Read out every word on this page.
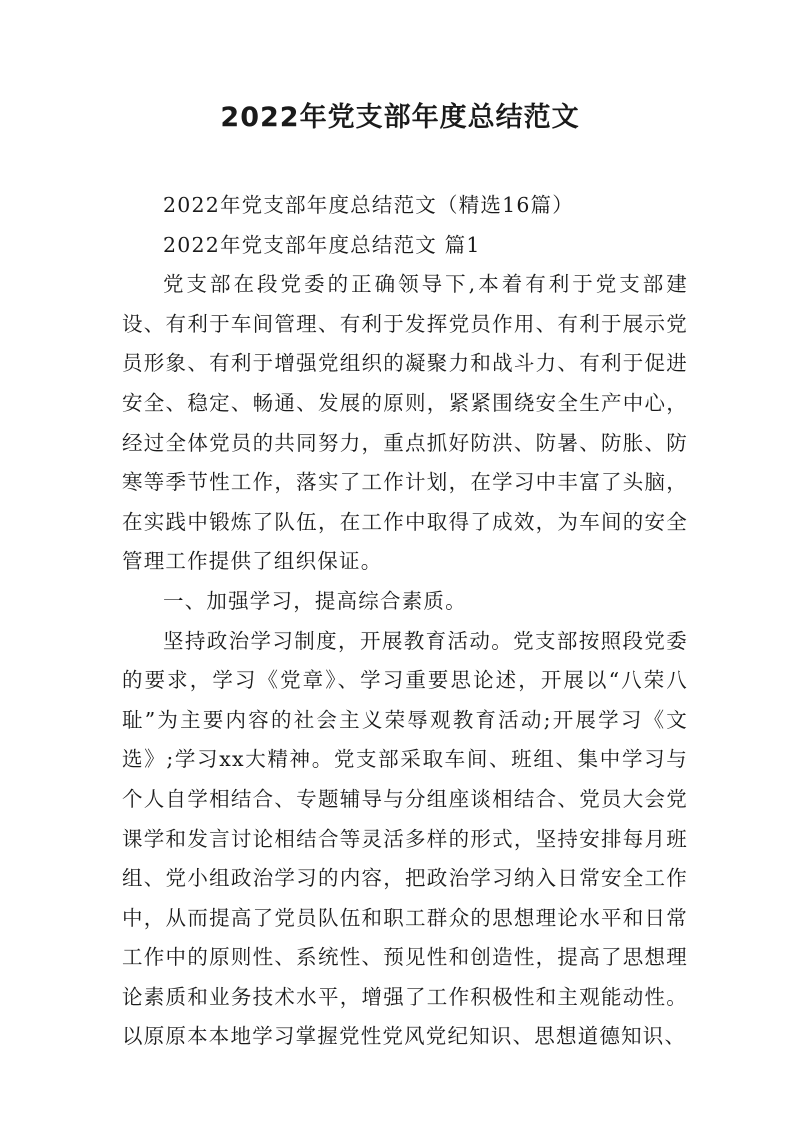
2022年党支部年度总结范文

2022年党支部年度总结范文（精选16篇）

2022年党支部年度总结范文 篇1

党支部在段党委的正确领导下,本着有利于党支部建设、有利于车间管理、有利于发挥党员作用、有利于展示党员形象、有利于增强党组织的凝聚力和战斗力、有利于促进安全、稳定、畅通、发展的原则，紧紧围绕安全生产中心，经过全体党员的共同努力，重点抓好防洪、防暑、防胀、防寒等季节性工作，落实了工作计划，在学习中丰富了头脑，在实践中锻炼了队伍，在工作中取得了成效，为车间的安全管理工作提供了组织保证。

一、加强学习，提高综合素质。

坚持政治学习制度，开展教育活动。党支部按照段党委的要求，学习《党章》、学习重要思论述，开展以“八荣八耻”为主要内容的社会主义荣辱观教育活动;开展学习《文选》;学习xx大精神。党支部采取车间、班组、集中学习与个人自学相结合、专题辅导与分组座谈相结合、党员大会党课学和发言讨论相结合等灵活多样的形式，坚持安排每月班组、党小组政治学习的内容，把政治学习纳入日常安全工作中，从而提高了党员队伍和职工群众的思想理论水平和日常工作中的原则性、系统性、预见性和创造性，提高了思想理论素质和业务技术水平，增强了工作积极性和主观能动性。以原原本本地学习掌握党性党风党纪知识、思想道德知识、
